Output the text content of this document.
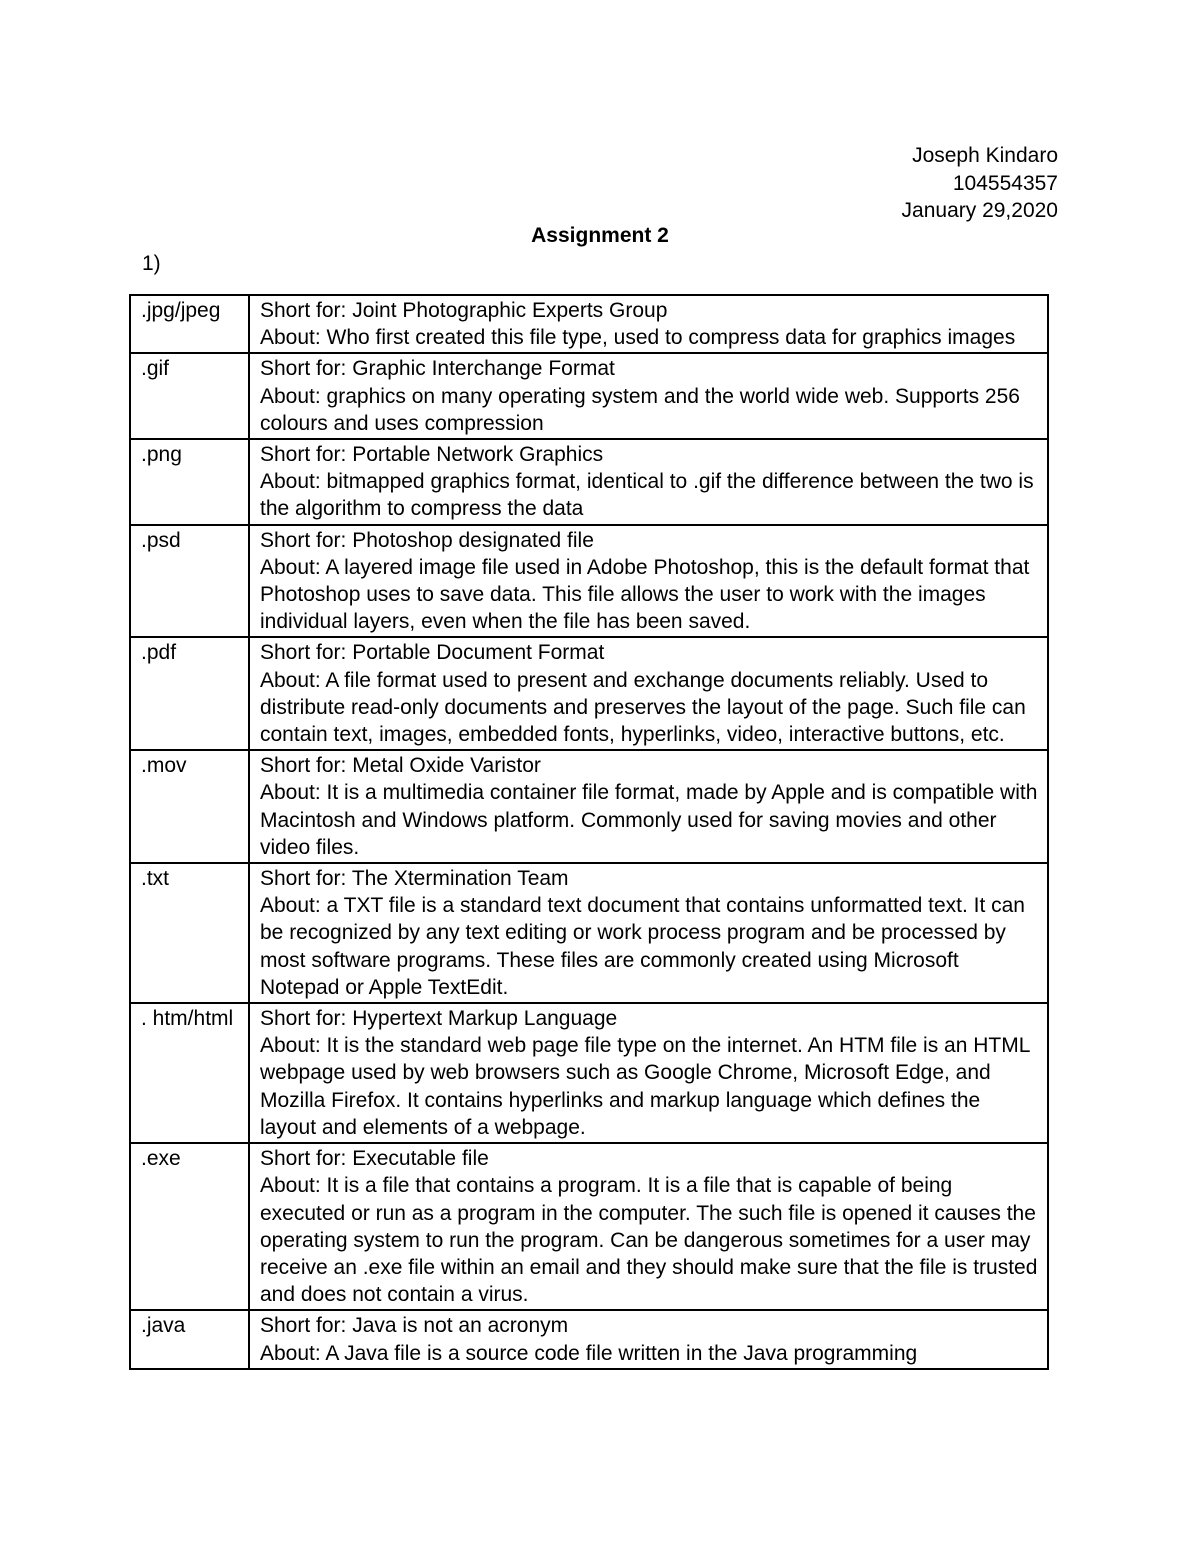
Joseph Kindaro
104554357
January 29,2020
Assignment 2
1)
.jpg/jpeg	Short for: Joint Photographic Experts Group
About: Who first created this file type, used to compress data for graphics images

.gif	Short for: Graphic Interchange Format
About: graphics on many operating system and the world wide web. Supports 256 colours and uses compression

.png	Short for: Portable Network Graphics
About: bitmapped graphics format, identical to .gif the difference between the two is the algorithm to compress the data

.psd	Short for: Photoshop designated file
About: A layered image file used in Adobe Photoshop, this is the default format that Photoshop uses to save data. This file allows the user to work with the images individual layers, even when the file has been saved.

.pdf	Short for: Portable Document Format
About: A file format used to present and exchange documents reliably. Used to distribute read-only documents and preserves the layout of the page. Such file can contain text, images, embedded fonts, hyperlinks, video, interactive buttons, etc.

.mov	Short for: Metal Oxide Varistor
About: It is a multimedia container file format, made by Apple and is compatible with Macintosh and Windows platform. Commonly used for saving movies and other video files.

.txt	Short for: The Xtermination Team
About: a TXT file is a standard text document that contains unformatted text. It can be recognized by any text editing or work process program and be processed by most software programs. These files are commonly created using Microsoft Notepad or Apple TextEdit.

. htm/html	Short for: Hypertext Markup Language
About: It is the standard web page file type on the internet. An HTM file is an HTML webpage used by web browsers such as Google Chrome, Microsoft Edge, and Mozilla Firefox. It contains hyperlinks and markup language which defines the layout and elements of a webpage.

.exe	Short for: Executable file
About: It is a file that contains a program. It is a file that is capable of being executed or run as a program in the computer. The such file is opened it causes the operating system to run the program. Can be dangerous sometimes for a user may receive an .exe file within an email and they should make sure that the file is trusted and does not contain a virus.

.java	Short for: Java is not an acronym
About: A Java file is a source code file written in the Java programming
